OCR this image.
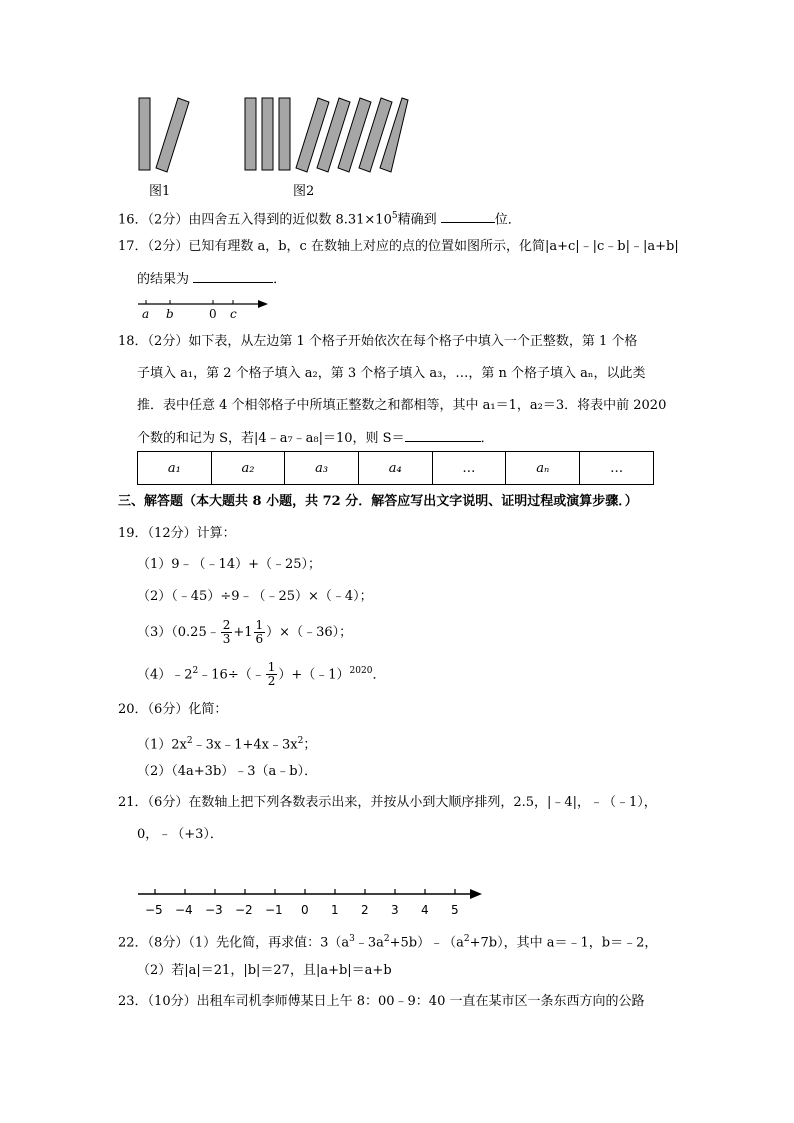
图1	图2
16．（2分）由四舍五入得到的近似数 $8.31\times 10^5$精确到	位．
17．（2分）已知有理数 a，b，c 在数轴上对应的点的位置如图所示，化简|a+c|﹣|c﹣b|﹣|a+b|
的结果为	．
a b	0 c
18．（2分）如下表，从左边第 1 个格子开始依次在每个格子中填入一个正整数，第 1 个格
子填入 a₁，第 2 个格子填入 a₂，第 3 个格子填入 a₃，…，第 n 个格子填入 aₙ，以此类
推．表中任意 4 个相邻格子中所填正整数之和都相等，其中 a₁＝1，a₂＝3．将表中前 2020
个数的和记为 S，若|4﹣a₇﹣a₈|＝10，则 S＝	．
a₁	a₂	a₃	a₄	…	aₙ	…
三、解答题（本大题共 8 小题，共 72 分．解答应写出文字说明、证明过程或演算步骤．）
19．（12分）计算：
（1）9﹣（﹣14）+（﹣25）；
（2）（﹣45）÷9﹣（﹣25）×（﹣4）；
（3）（0.25﹣ $\frac{2}{3} +1 \frac{1}{6}$ ）×（﹣36）；
$(4)﹣2^2﹣16\div(﹣ \frac{1}{2}$ ）+（﹣1）$^{2020}$．
20．（6分）化简：
$(1)2x^2﹣3x﹣1+4x﹣3x^2$；
（2）（4a+3b）﹣3（a﹣b）．
21．（6分）在数轴上把下列各数表示出来，并按从小到大顺序排列，2.5，|﹣4|，﹣（﹣1），
0，﹣（+3）．
−5 −4 −3 −2 −1 0 1 2 3 4 5
22．（8分）（1）先化简，再求值：$3(a^3﹣3a^2+5b)﹣(a^2+7b)$，其中 a＝﹣1，b＝﹣2，
（2）若|a|＝21，|b|＝27，且|a+b|＝a+b
23．（10分）出租车司机李师傅某日上午 8：00﹣9：40 一直在某市区一条东西方向的公路
